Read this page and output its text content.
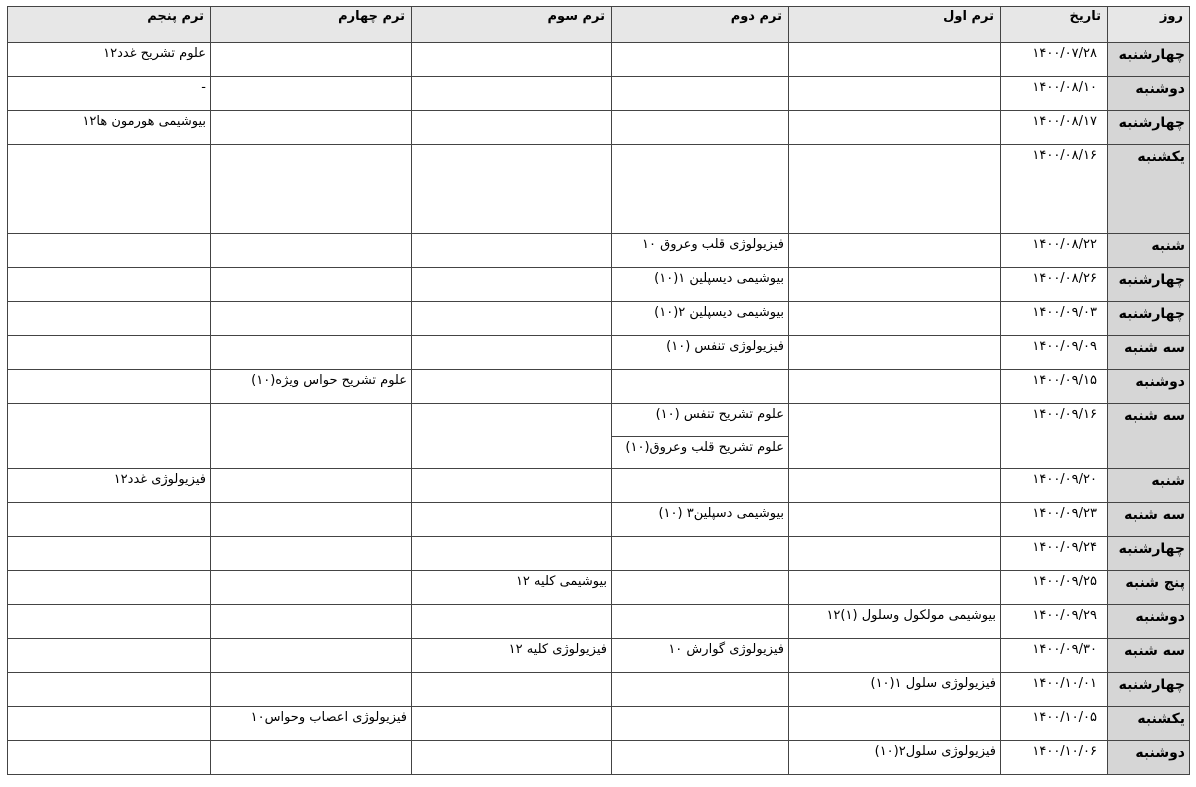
روز	تاریخ	ترم اول	ترم دوم	ترم سوم	ترم چهارم	ترم پنجم

چهارشنبه	۱۴۰۰/۰۷/۲۸					علوم تشریح غدد۱۲

دوشنبه	۱۴۰۰/۰۸/۱۰					-

چهارشنبه	۱۴۰۰/۰۸/۱۷					بیوشیمی هورمون ها۱۲

یکشنبه	۱۴۰۰/۰۸/۱۶					

شنبه	۱۴۰۰/۰۸/۲۲		فیزیولوژی قلب وعروق ۱۰			

چهارشنبه	۱۴۰۰/۰۸/۲۶		بیوشیمی دیسپلین ۱(۱۰)			

چهارشنبه	۱۴۰۰/۰۹/۰۳		بیوشیمی دیسپلین ۲(۱۰)			

سه شنبه	۱۴۰۰/۰۹/۰۹		فیزیولوژی تنفس (۱۰)			

دوشنبه	۱۴۰۰/۰۹/۱۵				علوم تشریح حواس ویژه(۱۰)	

سه شنبه	۱۴۰۰/۰۹/۱۶		علوم تشریح تنفس (۱۰)
علوم تشریح قلب وعروق(۱۰)			

شنبه	۱۴۰۰/۰۹/۲۰					فیزیولوژی غدد۱۲

سه شنبه	۱۴۰۰/۰۹/۲۳		بیوشیمی دسپلین۳ (۱۰)			

چهارشنبه	۱۴۰۰/۰۹/۲۴					

پنج شنبه	۱۴۰۰/۰۹/۲۵			بیوشیمی کلیه ۱۲		

دوشنبه	۱۴۰۰/۰۹/۲۹	بیوشیمی مولکول وسلول (۱)۱۲				

سه شنبه	۱۴۰۰/۰۹/۳۰		فیزیولوژی گوارش ۱۰	فیزیولوژی کلیه ۱۲		

چهارشنبه	۱۴۰۰/۱۰/۰۱	فیزیولوژی سلول ۱(۱۰)				

یکشنبه	۱۴۰۰/۱۰/۰۵				فیزیولوژی اعصاب وحواس۱۰	

دوشنبه	۱۴۰۰/۱۰/۰۶	فیزیولوژی سلول۲(۱۰)				
